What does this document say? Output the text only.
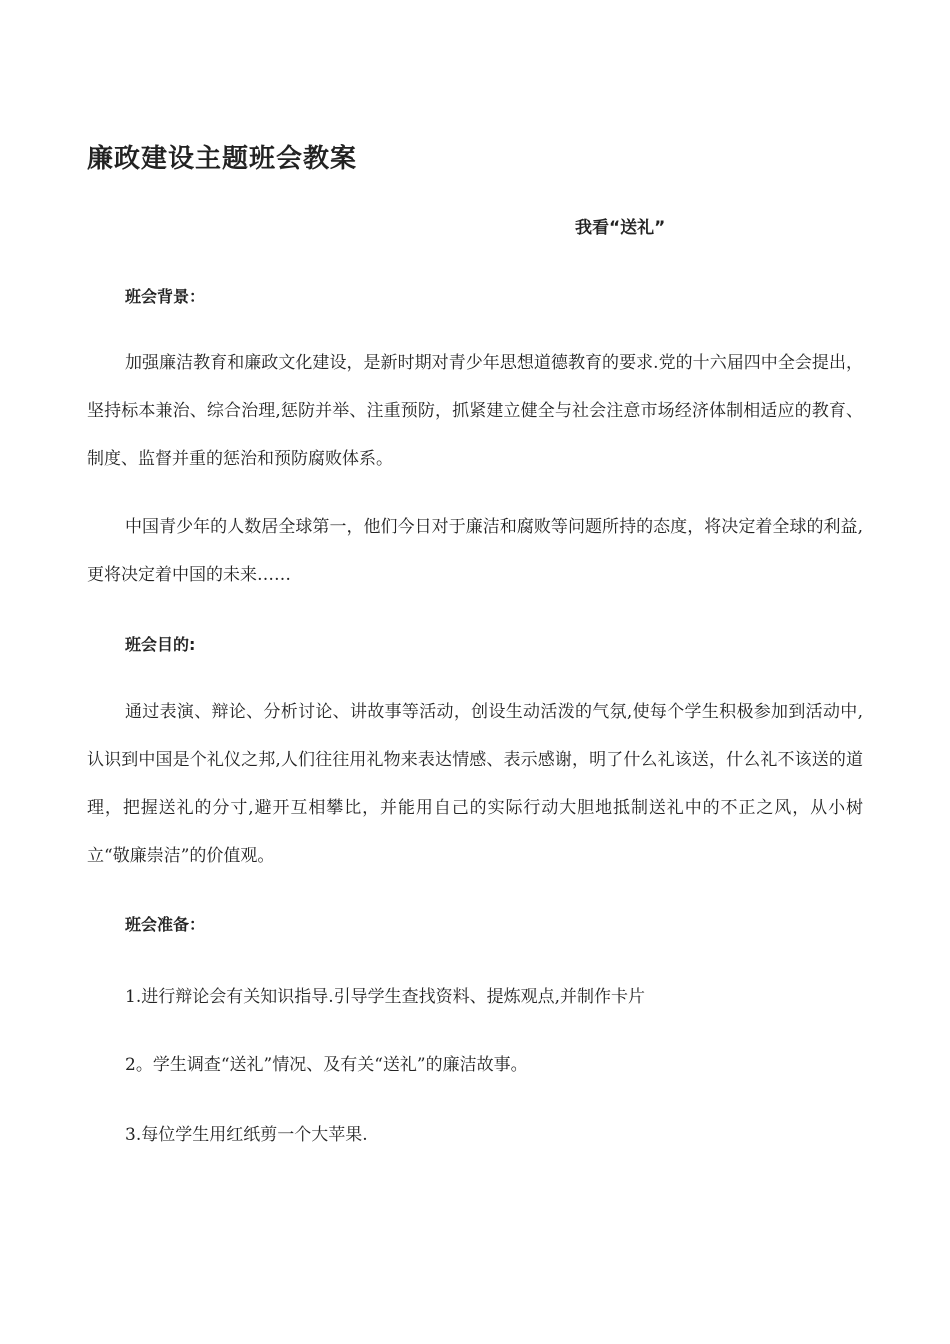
廉政建设主题班会教案
我看“送礼”
班会背景：

加强廉洁教育和廉政文化建设，是新时期对青少年思想道德教育的要求.党的十六届四中全会提出，坚持标本兼治、综合治理,惩防并举、注重预防，抓紧建立健全与社会注意市场经济体制相适应的教育、制度、监督并重的惩治和预防腐败体系。

中国青少年的人数居全球第一，他们今日对于廉洁和腐败等问题所持的态度，将决定着全球的利益,更将决定着中国的未来……

班会目的:

通过表演、辩论、分析讨论、讲故事等活动，创设生动活泼的气氛,使每个学生积极参加到活动中,认识到中国是个礼仪之邦,人们往往用礼物来表达情感、表示感谢，明了什么礼该送，什么礼不该送的道理，把握送礼的分寸,避开互相攀比，并能用自己的实际行动大胆地抵制送礼中的不正之风，从小树立“敬廉崇洁”的价值观。

班会准备：
1.进行辩论会有关知识指导.引导学生查找资料、提炼观点,并制作卡片
2。学生调查“送礼”情况、及有关“送礼”的廉洁故事。
3.每位学生用红纸剪一个大苹果.
